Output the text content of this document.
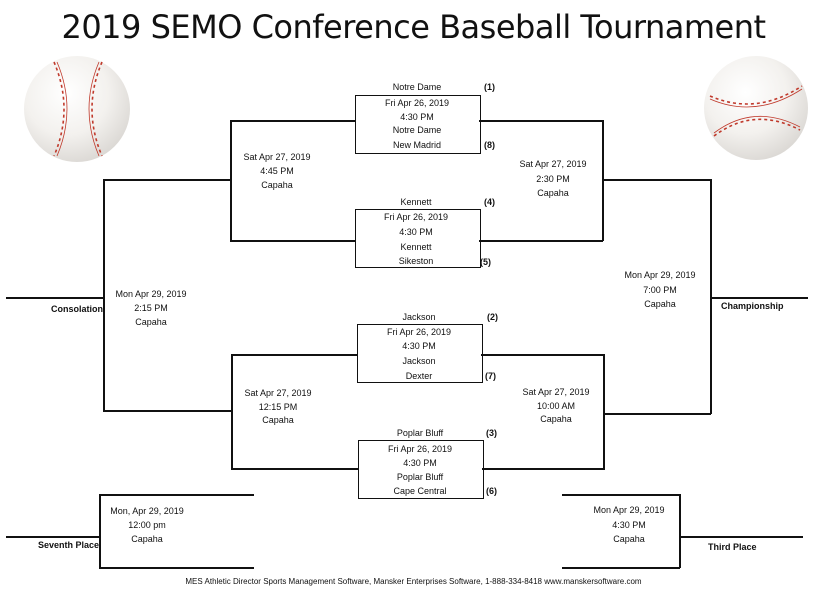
2019 SEMO Conference Baseball Tournament
Notre Dame	(1)
Fri Apr 26, 2019
4:30 PM
Notre Dame
New Madrid	(8)
Kennett	(4)
Fri Apr 26, 2019
4:30 PM
Kennett
Sikeston	(5)
Jackson	(2)
Fri Apr 26, 2019
4:30 PM
Jackson
Dexter	(7)
Poplar Bluff	(3)
Fri Apr 26, 2019
4:30 PM
Poplar Bluff
Cape Central	(6)
Sat Apr 27, 2019
4:45 PM
Capaha
Sat Apr 27, 2019
12:15 PM
Capaha
Sat Apr 27, 2019
2:30 PM
Capaha
Sat Apr 27, 2019
10:00 AM
Capaha
Consolation
Mon Apr 29, 2019
2:15 PM
Capaha
Championship
Mon Apr 29, 2019
7:00 PM
Capaha
Seventh Place
Mon, Apr 29, 2019
12:00 pm
Capaha
Third Place
Mon Apr 29, 2019
4:30 PM
Capaha
MES Athletic Director Sports Management Software, Mansker Enterprises Software, 1-888-334-8418 www.manskersoftware.com
